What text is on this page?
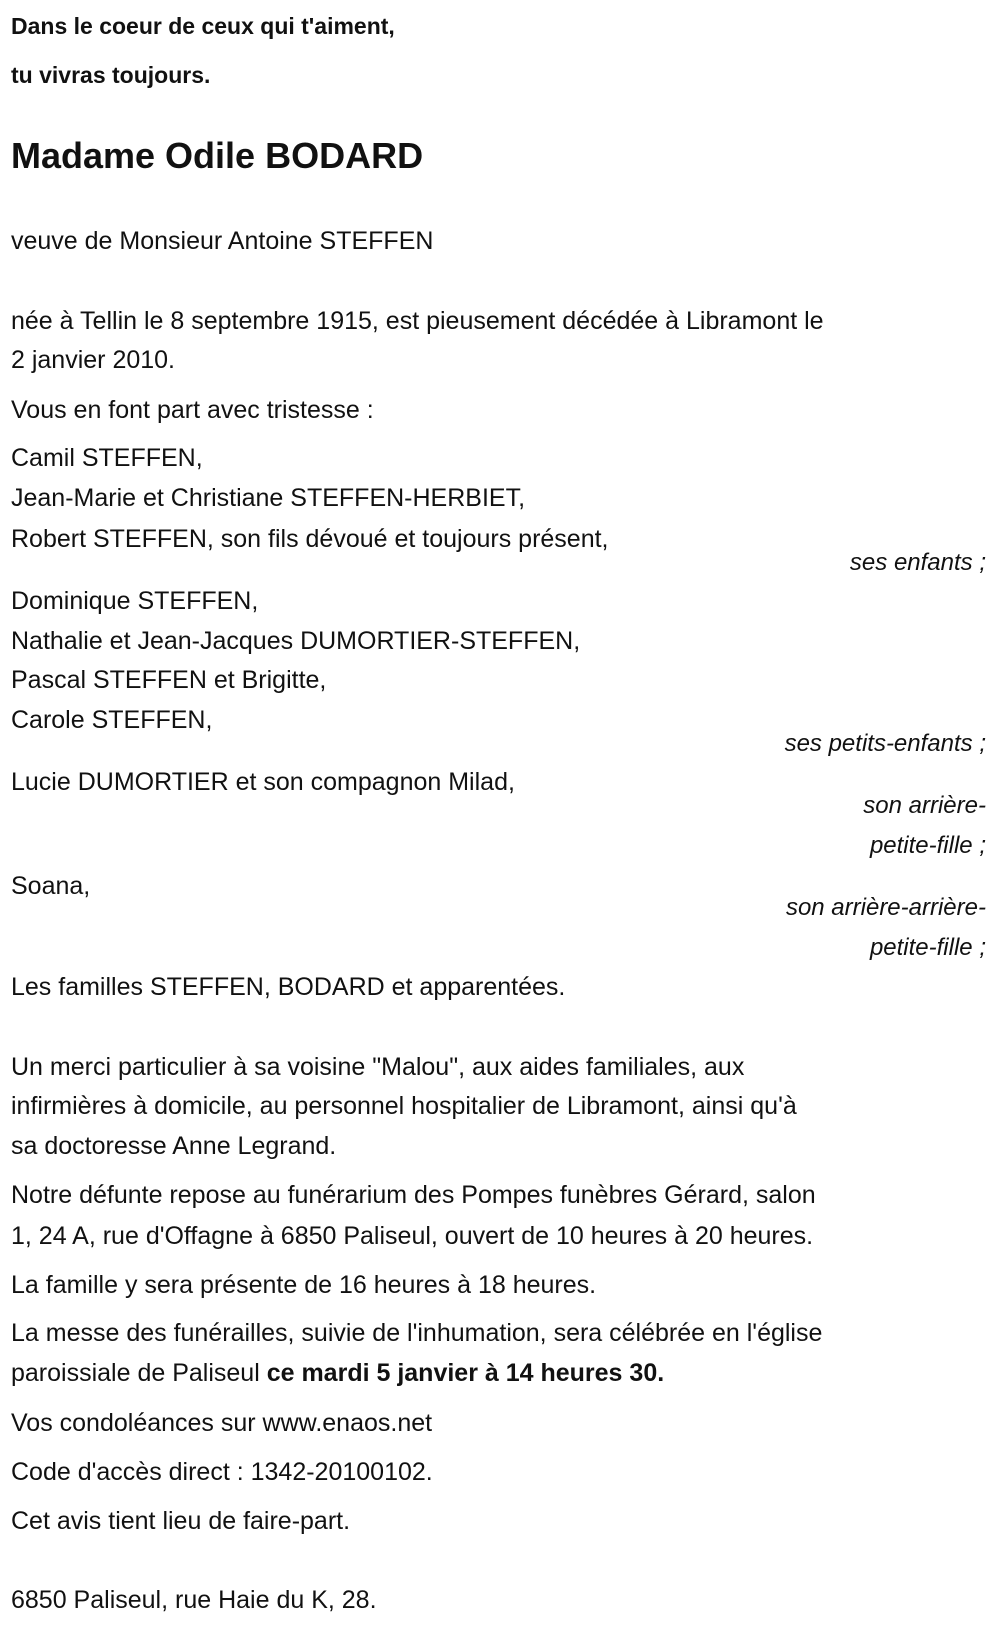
Dans le coeur de ceux qui t'aiment,
tu vivras toujours.
Madame Odile BODARD
veuve de Monsieur Antoine STEFFEN
née à Tellin le 8 septembre 1915, est pieusement décédée à Libramont le
2 janvier 2010.
Vous en font part avec tristesse :
Camil STEFFEN,
Jean-Marie et Christiane STEFFEN-HERBIET,
Robert STEFFEN, son fils dévoué et toujours présent,
ses enfants ;
Dominique STEFFEN,
Nathalie et Jean-Jacques DUMORTIER-STEFFEN,
Pascal STEFFEN et Brigitte,
Carole STEFFEN,
ses petits-enfants ;
Lucie DUMORTIER et son compagnon Milad,
son arrière-
petite-fille ;
Soana,
son arrière-arrière-
petite-fille ;
Les familles STEFFEN, BODARD et apparentées.
Un merci particulier à sa voisine "Malou", aux aides familiales, aux
infirmières à domicile, au personnel hospitalier de Libramont, ainsi qu'à
sa doctoresse Anne Legrand.
Notre défunte repose au funérarium des Pompes funèbres Gérard, salon
1, 24 A, rue d'Offagne à 6850 Paliseul, ouvert de 10 heures à 20 heures.
La famille y sera présente de 16 heures à 18 heures.
La messe des funérailles, suivie de l'inhumation, sera célébrée en l'église
paroissiale de Paliseul ce mardi 5 janvier à 14 heures 30.
Vos condoléances sur www.enaos.net
Code d'accès direct : 1342-20100102.
Cet avis tient lieu de faire-part.
6850 Paliseul, rue Haie du K, 28.
